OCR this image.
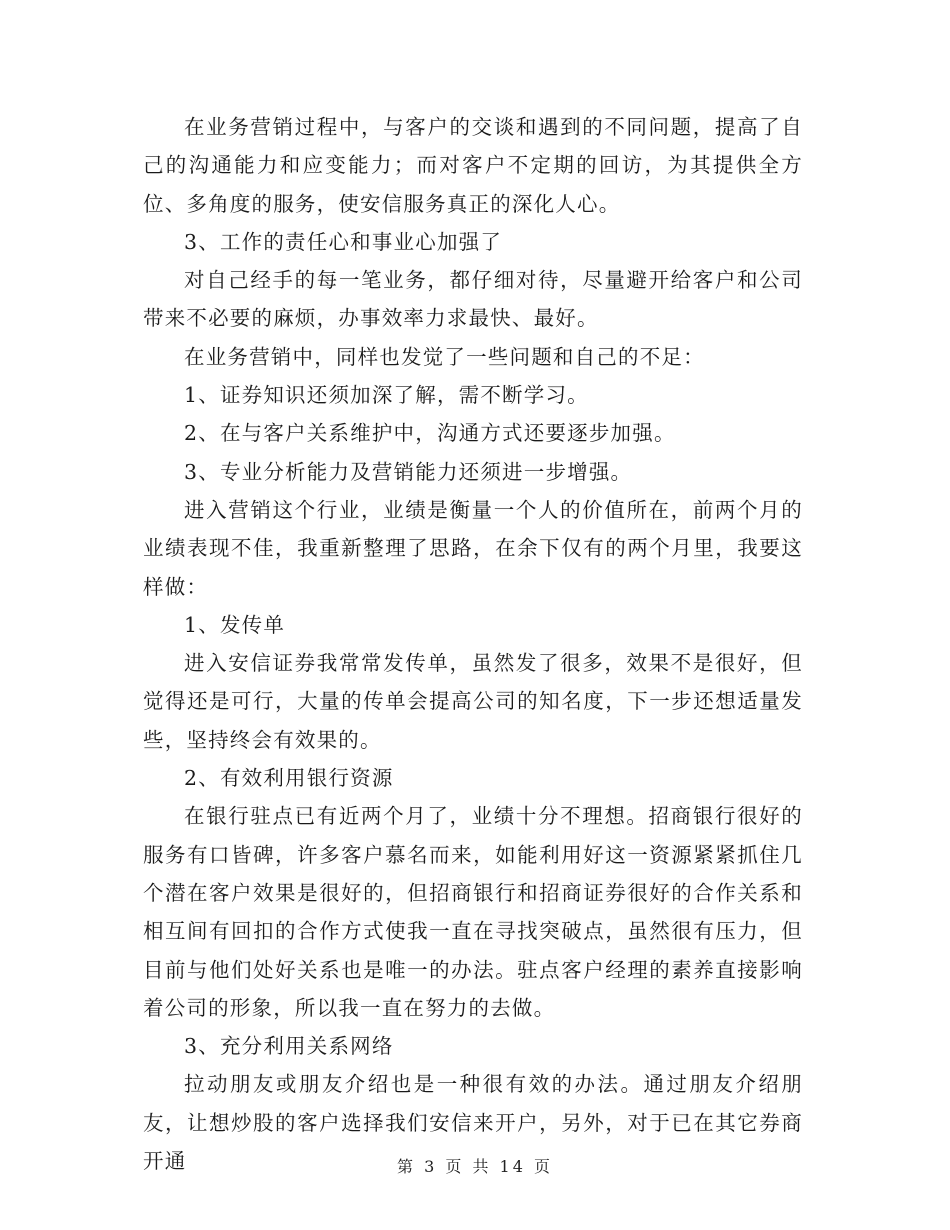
在业务营销过程中，与客户的交谈和遇到的不同问题，提高了自己的沟通能力和应变能力；而对客户不定期的回访，为其提供全方位、多角度的服务，使安信服务真正的深化人心。

3、工作的责任心和事业心加强了

对自己经手的每一笔业务，都仔细对待，尽量避开给客户和公司带来不必要的麻烦，办事效率力求最快、最好。

在业务营销中，同样也发觉了一些问题和自己的不足：

1、证券知识还须加深了解，需不断学习。

2、在与客户关系维护中，沟通方式还要逐步加强。

3、专业分析能力及营销能力还须进一步增强。

进入营销这个行业，业绩是衡量一个人的价值所在，前两个月的业绩表现不佳，我重新整理了思路，在余下仅有的两个月里，我要这样做：

1、发传单

进入安信证券我常常发传单，虽然发了很多，效果不是很好，但觉得还是可行，大量的传单会提高公司的知名度，下一步还想适量发些，坚持终会有效果的。

2、有效利用银行资源

在银行驻点已有近两个月了，业绩十分不理想。招商银行很好的服务有口皆碑，许多客户慕名而来，如能利用好这一资源紧紧抓住几个潜在客户效果是很好的，但招商银行和招商证券很好的合作关系和相互间有回扣的合作方式使我一直在寻找突破点，虽然很有压力，但目前与他们处好关系也是唯一的办法。驻点客户经理的素养直接影响着公司的形象，所以我一直在努力的去做。

3、充分利用关系网络

拉动朋友或朋友介绍也是一种很有效的办法。通过朋友介绍朋友，让想炒股的客户选择我们安信来开户，另外，对于已在其它券商开通	第 3 页 共 14 页
